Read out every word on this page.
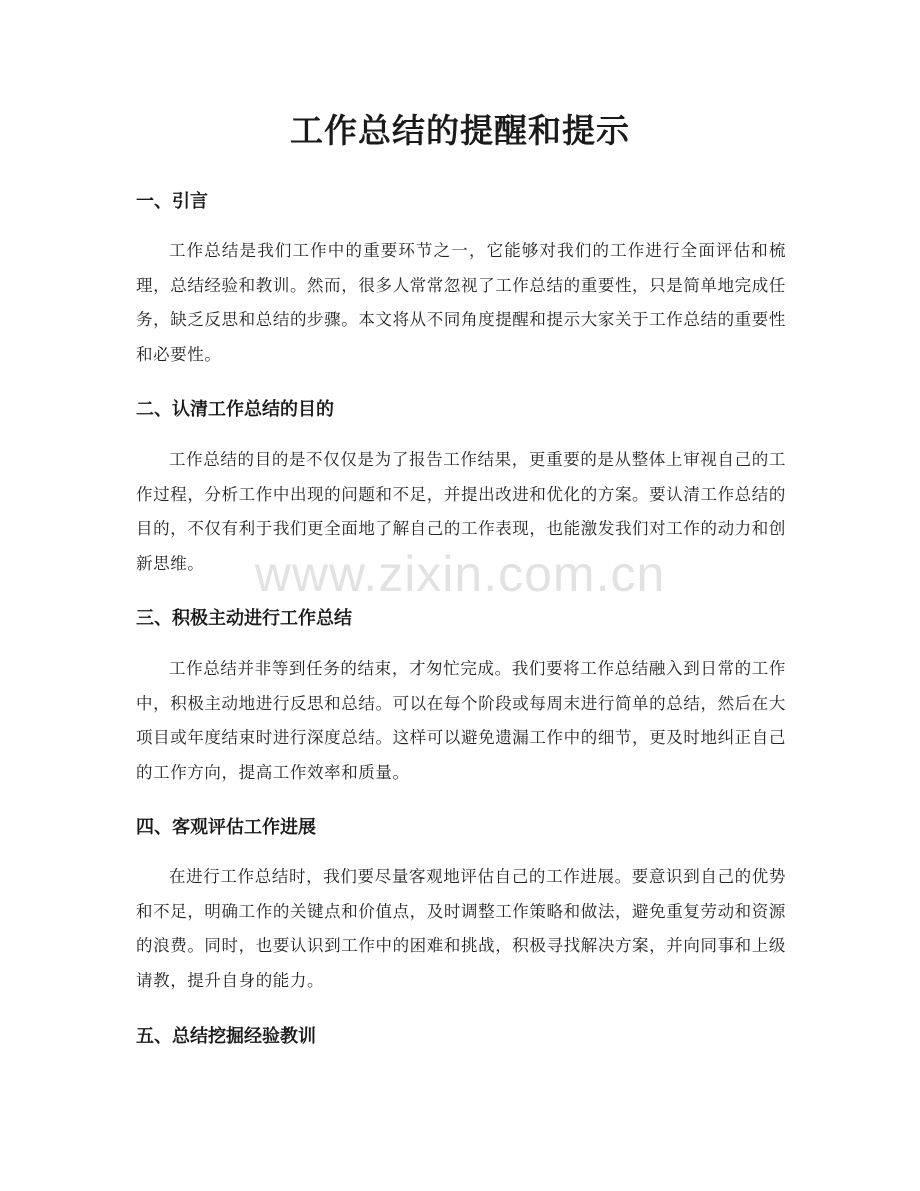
工作总结的提醒和提示
一、引言

工作总结是我们工作中的重要环节之一，它能够对我们的工作进行全面评估和梳理，总结经验和教训。然而，很多人常常忽视了工作总结的重要性，只是简单地完成任务，缺乏反思和总结的步骤。本文将从不同角度提醒和提示大家关于工作总结的重要性和必要性。

二、认清工作总结的目的

工作总结的目的是不仅仅是为了报告工作结果，更重要的是从整体上审视自己的工作过程，分析工作中出现的问题和不足，并提出改进和优化的方案。要认清工作总结的目的，不仅有利于我们更全面地了解自己的工作表现，也能激发我们对工作的动力和创新思维。

三、积极主动进行工作总结

工作总结并非等到任务的结束，才匆忙完成。我们要将工作总结融入到日常的工作中，积极主动地进行反思和总结。可以在每个阶段或每周末进行简单的总结，然后在大项目或年度结束时进行深度总结。这样可以避免遗漏工作中的细节，更及时地纠正自己的工作方向，提高工作效率和质量。

四、客观评估工作进展

在进行工作总结时，我们要尽量客观地评估自己的工作进展。要意识到自己的优势和不足，明确工作的关键点和价值点，及时调整工作策略和做法，避免重复劳动和资源的浪费。同时，也要认识到工作中的困难和挑战，积极寻找解决方案，并向同事和上级请教，提升自身的能力。

五、总结挖掘经验教训
www.zixin.com.cn
